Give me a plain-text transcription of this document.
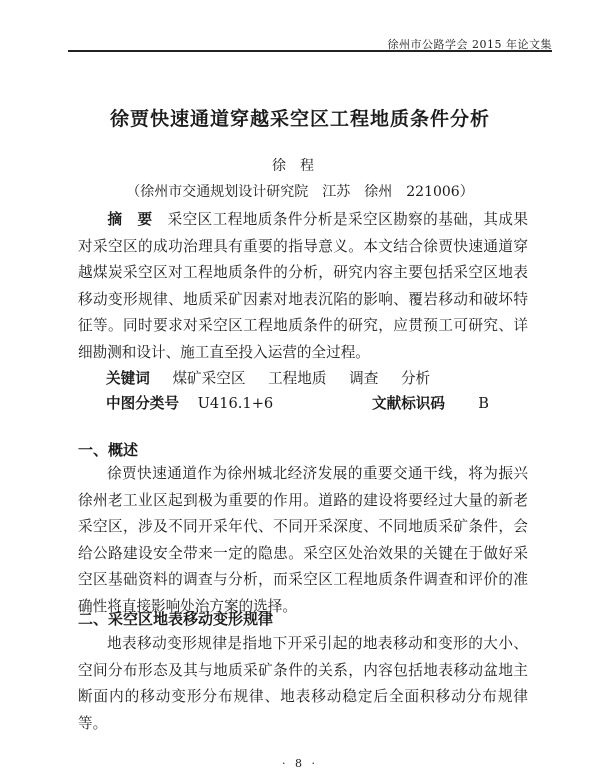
徐州市公路学会 2015 年论文集
徐贾快速通道穿越采空区工程地质条件分析
徐程
（徐州市交通规划设计研究院　江苏　徐州　221006）
摘　要　 采空区工程地质条件分析是采空区勘察的基础，其成果对采空区的成功治理具有重要的指导意义。本文结合徐贾快速通道穿越煤炭采空区对工程地质条件的分析，研究内容主要包括采空区地表移动变形规律、地质采矿因素对地表沉陷的影响、覆岩移动和破坏特征等。同时要求对采空区工程地质条件的研究，应贯预工可研究、详细勘测和设计、施工直至投入运营的全过程。
关键词 煤矿采空区 工程地质 调查 分析
中图分类号 U416.1+6	文献标识码　 B
一、概述
徐贾快速通道作为徐州城北经济发展的重要交通干线，将为振兴徐州老工业区起到极为重要的作用。道路的建设将要经过大量的新老采空区，涉及不同开采年代、不同开采深度、不同地质采矿条件，会给公路建设安全带来一定的隐患。采空区处治效果的关键在于做好采空区基础资料的调查与分析，而采空区工程地质条件调查和评价的准确性将直接影响处治方案的选择。
二、采空区地表移动变形规律
地表移动变形规律是指地下开采引起的地表移动和变形的大小、空间分布形态及其与地质采矿条件的关系，内容包括地表移动盆地主断面内的移动变形分布规律、地表移动稳定后全面积移动分布规律等。
· 8 ·
